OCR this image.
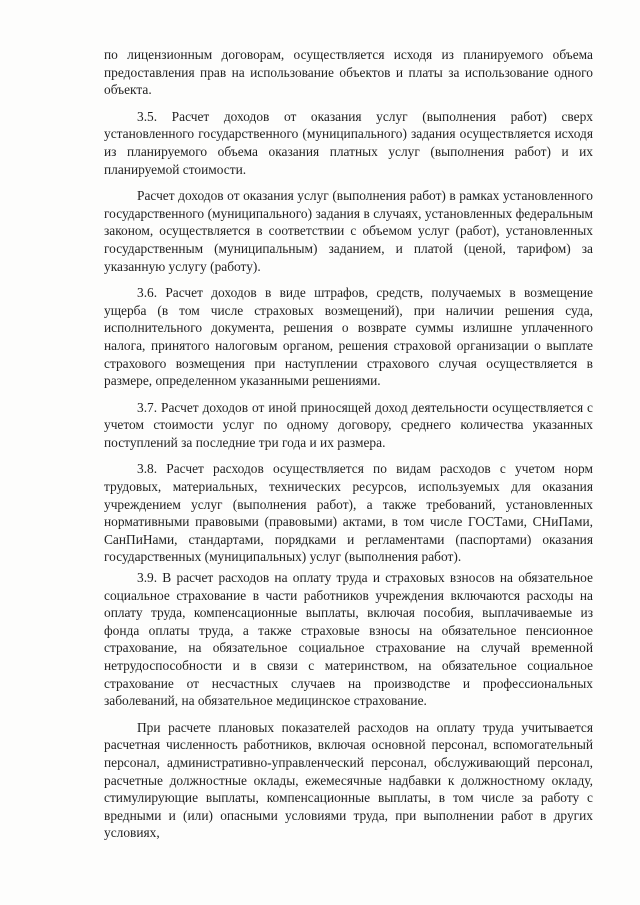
по лицензионным договорам, осуществляется исходя из планируемого объема предоставления прав на использование объектов и платы за использование одного объекта.

3.5. Расчет доходов от оказания услуг (выполнения работ) сверх установленного государственного (муниципального) задания осуществляется исходя из планируемого объема оказания платных услуг (выполнения работ) и их планируемой стоимости.

Расчет доходов от оказания услуг (выполнения работ) в рамках установленного государственного (муниципального) задания в случаях, установленных федеральным законом, осуществляется в соответствии с объемом услуг (работ), установленных государственным (муниципальным) заданием, и платой (ценой, тарифом) за указанную услугу (работу).

3.6. Расчет доходов в виде штрафов, средств, получаемых в возмещение ущерба (в том числе страховых возмещений), при наличии решения суда, исполнительного документа, решения о возврате суммы излишне уплаченного налога, принятого налоговым органом, решения страховой организации о выплате страхового возмещения при наступлении страхового случая осуществляется в размере, определенном указанными решениями.

3.7. Расчет доходов от иной приносящей доход деятельности осуществляется с учетом стоимости услуг по одному договору, среднего количества указанных поступлений за последние три года и их размера.

3.8. Расчет расходов осуществляется по видам расходов с учетом норм трудовых, материальных, технических ресурсов, используемых для оказания учреждением услуг (выполнения работ), а также требований, установленных нормативными правовыми (правовыми) актами, в том числе ГОСТами, СНиПами, СанПиНами, стандартами, порядками и регламентами (паспортами) оказания государственных (муниципальных) услуг (выполнения работ).

3.9. В расчет расходов на оплату труда и страховых взносов на обязательное социальное страхование в части работников учреждения включаются расходы на оплату труда, компенсационные выплаты, включая пособия, выплачиваемые из фонда оплаты труда, а также страховые взносы на обязательное пенсионное страхование, на обязательное социальное страхование на случай временной нетрудоспособности и в связи с материнством, на обязательное социальное страхование от несчастных случаев на производстве и профессиональных заболеваний, на обязательное медицинское страхование.

При расчете плановых показателей расходов на оплату труда учитывается расчетная численность работников, включая основной персонал, вспомогательный персонал, административно-управленческий персонал, обслуживающий персонал, расчетные должностные оклады, ежемесячные надбавки к должностному окладу, стимулирующие выплаты, компенсационные выплаты, в том числе за работу с вредными и (или) опасными условиями труда, при выполнении работ в других условиях,
